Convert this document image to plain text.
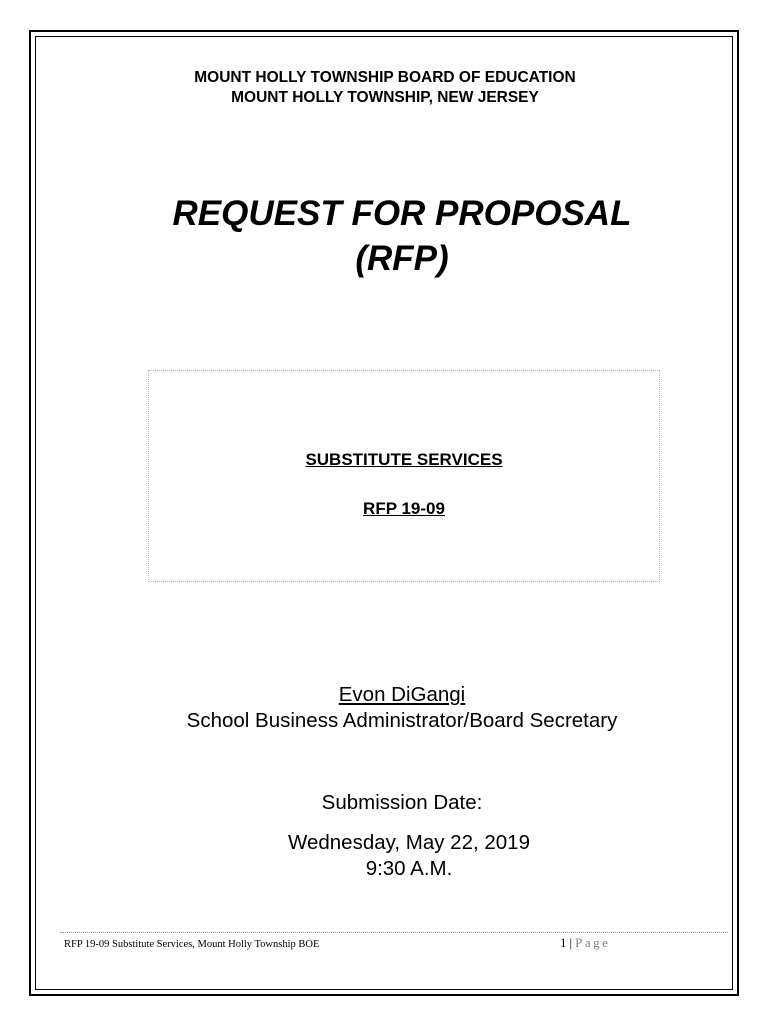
MOUNT HOLLY TOWNSHIP BOARD OF EDUCATION
MOUNT HOLLY TOWNSHIP, NEW JERSEY
REQUEST FOR PROPOSAL
(RFP)
SUBSTITUTE SERVICES
RFP 19-09
Evon DiGangi
School Business Administrator/Board Secretary
Submission Date:
Wednesday, May 22, 2019
9:30 A.M.
RFP 19-09 Substitute Services, Mount Holly Township BOE	1 | Page
